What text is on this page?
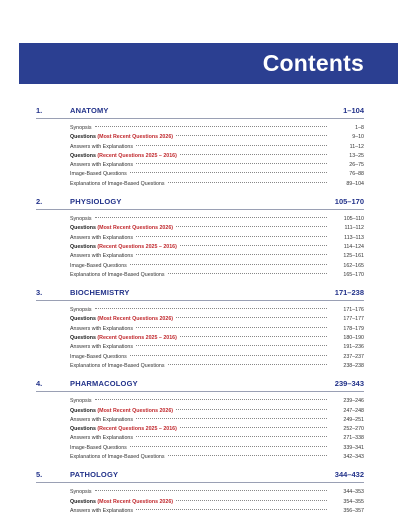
Contents
1.	ANATOMY	1–104
Synopsis	1–8
Questions (Most Recent Questions 2026)	9–10
Answers with Explanations	11–12
Questions (Recent Questions 2025 – 2016)	13–25
Answers with Explanations	26–75
Image-Based Questions	76–88
Explanations of Image-Based Questions	89–104
2.	PHYSIOLOGY	105–170
Synopsis	105–110
Questions (Most Recent Questions 2026)	111–112
Answers with Explanations	113–113
Questions (Recent Questions 2025 – 2016)	114–124
Answers with Explanations	125–161
Image-Based Questions	162–165
Explanations of Image-Based Questions	165–170
3.	BIOCHEMISTRY	171–238
Synopsis	171–176
Questions (Most Recent Questions 2026)	177–177
Answers with Explanations	178–179
Questions (Recent Questions 2025 – 2016)	180–190
Answers with Explanations	191–236
Image-Based Questions	237–237
Explanations of Image-Based Questions	238–238
4.	PHARMACOLOGY	239–343
Synopsis	239–246
Questions (Most Recent Questions 2026)	247–248
Answers with Explanations	249–251
Questions (Recent Questions 2025 – 2016)	252–270
Answers with Explanations	271–338
Image-Based Questions	339–341
Explanations of Image-Based Questions	342–343
5.	PATHOLOGY	344–432
Synopsis	344–353
Questions (Most Recent Questions 2026)	354–355
Answers with Explanations	356–357
